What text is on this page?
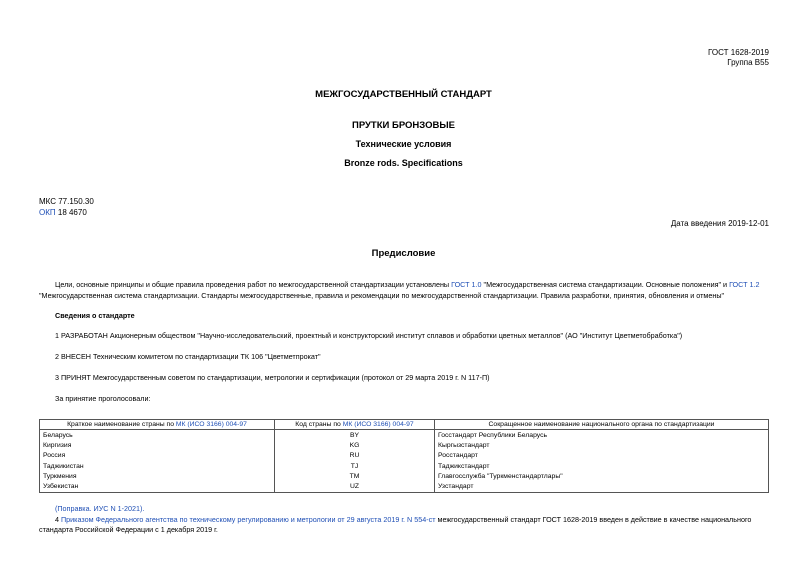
ГОСТ 1628-2019
Группа В55
МЕЖГОСУДАРСТВЕННЫЙ СТАНДАРТ
ПРУТКИ БРОНЗОВЫЕ
Технические условия
Bronze rods. Specifications
МКС 77.150.30
ОКП 18 4670
Дата введения 2019-12-01
Предисловие
Цели, основные принципы и общие правила проведения работ по межгосударственной стандартизации установлены ГОСТ 1.0 "Межгосударственная система стандартизации. Основные положения" и ГОСТ 1.2
"Межгосударственная система стандартизации. Стандарты межгосударственные, правила и рекомендации по межгосударственной стандартизации. Правила разработки, принятия, обновления и отмены"
Сведения о стандарте
1 РАЗРАБОТАН Акционерным обществом "Научно-исследовательский, проектный и конструкторский институт сплавов и обработки цветных металлов" (АО "Институт Цветметобработка")
2 ВНЕСЕН Техническим комитетом по стандартизации ТК 106 "Цветметпрокат"
3 ПРИНЯТ Межгосударственным советом по стандартизации, метрологии и сертификации (протокол от 29 марта 2019 г. N 117-П)
За принятие проголосовали:
Краткое наименование страны по МК (ИСО 3166) 004-97	Код страны по МК (ИСО 3166) 004-97	Сокращенное наименование национального органа по стандартизации
Беларусь	BY	Госстандарт Республики Беларусь
Киргизия	KG	Кыргызстандарт
Россия	RU	Росстандарт
Таджикистан	TJ	Таджикстандарт
Туркмения	TM	Главгосслужба "Туркменстандартлары"
Узбекистан	UZ	Узстандарт
(Поправка. ИУС N 1-2021).
4 Приказом Федерального агентства по техническому регулированию и метрологии от 29 августа 2019 г. N 554-ст межгосударственный стандарт ГОСТ 1628-2019 введен в действие в качестве национального
стандарта Российской Федерации с 1 декабря 2019 г.
